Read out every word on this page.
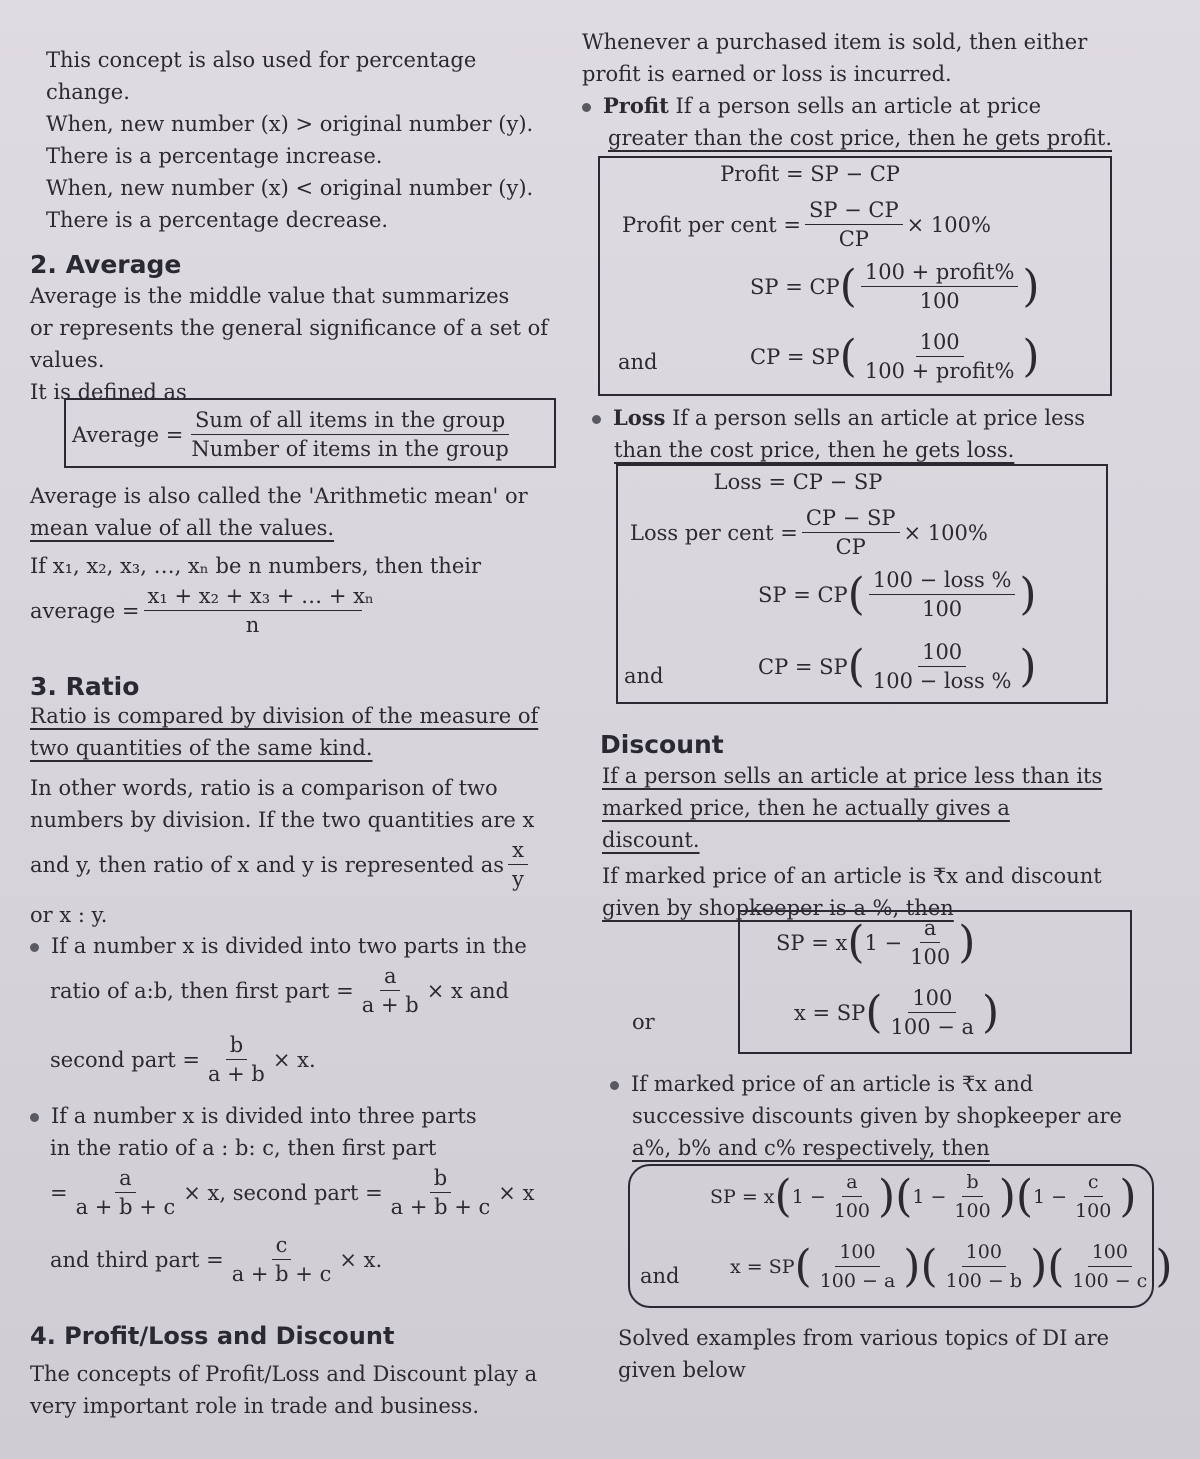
This concept is also used for percentage

change.

When, new number (x) > original number (y).

There is a percentage increase.

When, new number (x) < original number (y).

There is a percentage decrease.

2. Average

Average is the middle value that summarizes

or represents the general significance of a set of

values.

It is defined as

Average = $\frac{\text{Sum of all items in the group}}{\text{Number of items in the group}}$

Average is also called the 'Arithmetic mean' or

mean value of all the values.

If x₁, x₂, x₃, …, xₙ be n numbers, then their

average = $\frac{\text{x₁ + x₂ + x₃ + … + xₙ}}{n}$
3. Ratio

Ratio is compared by division of the measure of

two quantities of the same kind.

In other words, ratio is a comparison of two

numbers by division. If the two quantities are x

and y, then ratio of x and y is represented as $\frac{x}{y}$

or x : y.

If a number x is divided into two parts in the

ratio of a:b, then first part = $\frac{a}{a + b} \times x$ and
second part = $\frac{b}{a + b} \times x$.

If a number x is divided into three parts

in the ratio of a : b: c, then first part

= $\frac{a}{a + b + c} \times x$, second part = $\frac{b}{a + b + c} \times x$
and third part = $\frac{c}{a + b + c} \times x$.
4. Profit/Loss and Discount

The concepts of Profit/Loss and Discount play a

very important role in trade and business.

Whenever a purchased item is sold, then either

profit is earned or loss is incurred.

Profit If a person sells an article at price

greater than the cost price, then he gets profit.

Profit = SP − CP
Profit per cent = $\frac{SP - CP}{CP} \times 100\%$
SP = CP ( $\frac{\text{100 + profit\%}}{100}$ )
and	CP = SP ( $\frac{100}{\text{100 + profit\%}}$ )

Loss If a person sells an article at price less

than the cost price, then he gets loss.

Loss = CP − SP
Loss per cent = $\frac{CP - SP}{CP} \times 100\%$
SP = CP ( $\frac{\text{100 − loss \%}}{100}$ )
and	CP = SP ( $\frac{100}{\text{100 − loss \%}}$ )
Discount

If a person sells an article at price less than its

marked price, then he actually gives a

discount.

If marked price of an article is ₹x and discount

given by shopkeeper is a %, then

SP = x ( $1 - \frac{a}{100}$ )
x = SP ( $\frac{100}{100 - a}$ )
or

If marked price of an article is ₹x and

successive discounts given by shopkeeper are

a%, b% and c% respectively, then

SP = x ( $1 - \frac{a}{100}$ ) ( $1 - \frac{b}{100}$ ) ( $1 - \frac{c}{100}$ )
and	x = SP ( $\frac{100}{100 - a}$ ) ( $\frac{100}{100 - b}$ ) ( $\frac{100}{100 - c}$ )

Solved examples from various topics of DI are

given below
